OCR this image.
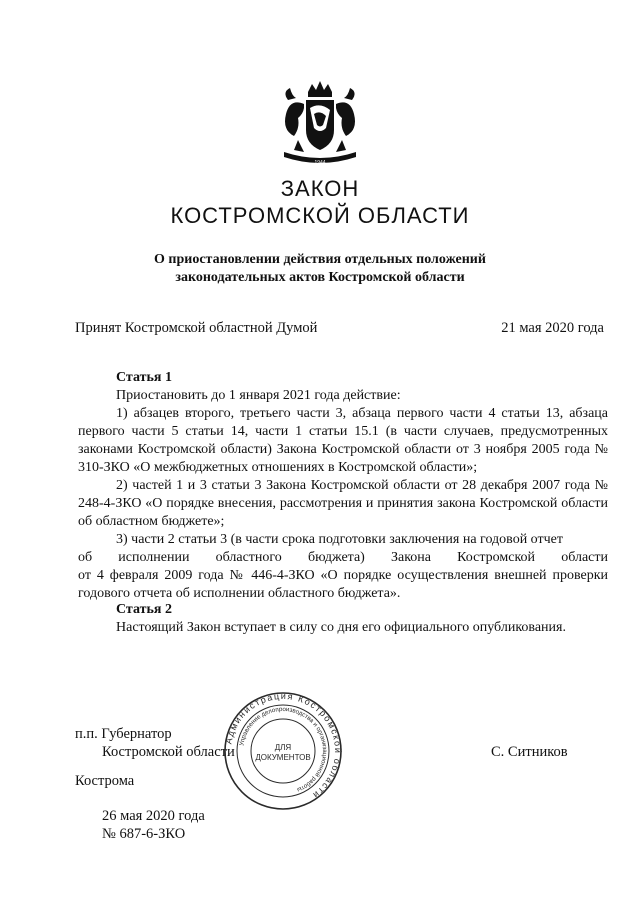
1944
ЗАКОН
КОСТРОМСКОЙ ОБЛАСТИ
О приостановлении действия отдельных положений
законодательных актов Костромской области
Принят Костромской областной Думой	21 мая 2020 года

Статья 1

Приостановить до 1 января 2021 года действие:

1) абзацев второго, третьего части 3, абзаца первого части 4 статьи 13, абзаца первого части 5 статьи 14, части 1 статьи 15.1 (в части случаев, предусмотренных законами Костромской области) Закона Костромской области от 3 ноября 2005 года № 310-ЗКО «О межбюджетных отношениях в Костромской области»;

2) частей 1 и 3 статьи 3 Закона Костромской области от 28 декабря 2007 года № 248-4-ЗКО «О порядке внесения, рассмотрения и принятия закона Костромской области об областном бюджете»;

3) части 2 статьи 3 (в части срока подготовки заключения на годовой отчет

об исполнении областного бюджета) Закона Костромской области

от 4 февраля 2009 года № 446-4-ЗКО «О порядке осуществления внешней проверки годового отчета об исполнении областного бюджета».

Статья 2

Настоящий Закон вступает в силу со дня его официального опубликования.

п.п. Губернатор
Костромской области	С. Ситников
Кострома
26 мая 2020 года
№ 687-6-ЗКО
Администрация Костромской области
Управление делопроизводства и организационной работы
ДЛЯ
ДОКУМЕНТОВ
